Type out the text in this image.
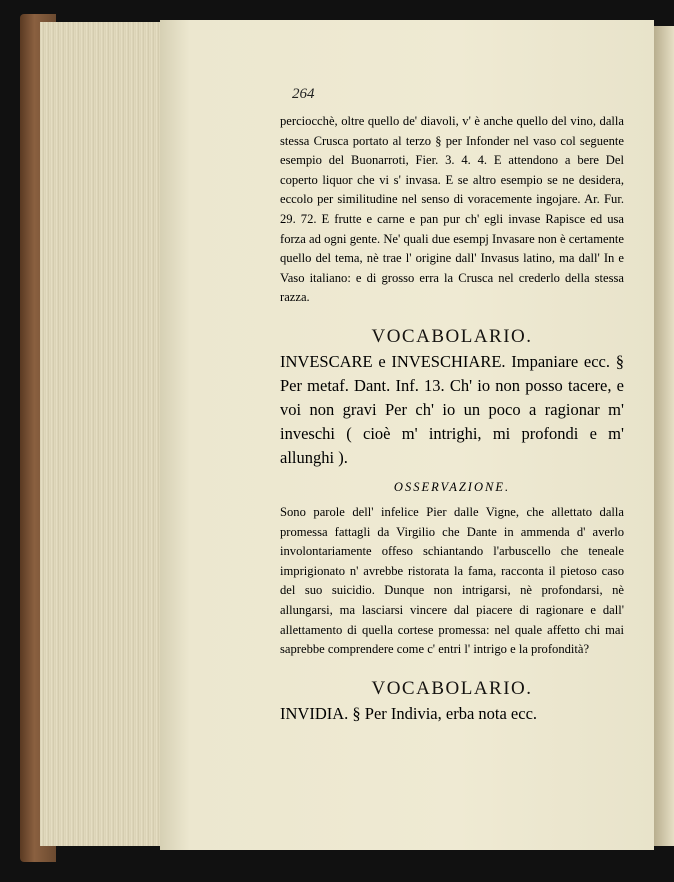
264

perciocchè, oltre quello de' diavoli, v' è anche quello del vino, dalla stessa Crusca portato al terzo § per Infonder nel vaso col seguente esempio del Buonarroti, Fier. 3. 4. 4. E attendono a bere Del coperto liquor che vi s' invasa. E se altro esempio se ne desidera, eccolo per similitudine nel senso di voracemente ingojare. Ar. Fur. 29. 72. E frutte e carne e pan pur ch' egli invase Rapisce ed usa forza ad ogni gente. Ne' quali due esempj Invasare non è certamente quello del tema, nè trae l' origine dall' Invasus latino, ma dall' In e Vaso italiano: e di grosso erra la Crusca nel crederlo della stessa razza.

VOCABOLARIO.

INVESCARE e INVESCHIARE. Impaniare ecc. § Per metaf. Dant. Inf. 13. Ch' io non posso tacere, e voi non gravi Per ch' io un poco a ragionar m' inveschi ( cioè m' intrighi, mi profondi e m' allunghi ).

OSSERVAZIONE.

Sono parole dell' infelice Pier dalle Vigne, che allettato dalla promessa fattagli da Virgilio che Dante in ammenda d' averlo involontariamente offeso schiantando l'arbuscello che teneale imprigionato n' avrebbe ristorata la fama, racconta il pietoso caso del suo suicidio. Dunque non intrigarsi, nè profondarsi, nè allungarsi, ma lasciarsi vincere dal piacere di ragionare e dall' allettamento di quella cortese promessa: nel quale affetto chi mai saprebbe comprendere come c' entri l' intrigo e la profondità?

VOCABOLARIO.

INVIDIA. § Per Indivia, erba nota ecc.
